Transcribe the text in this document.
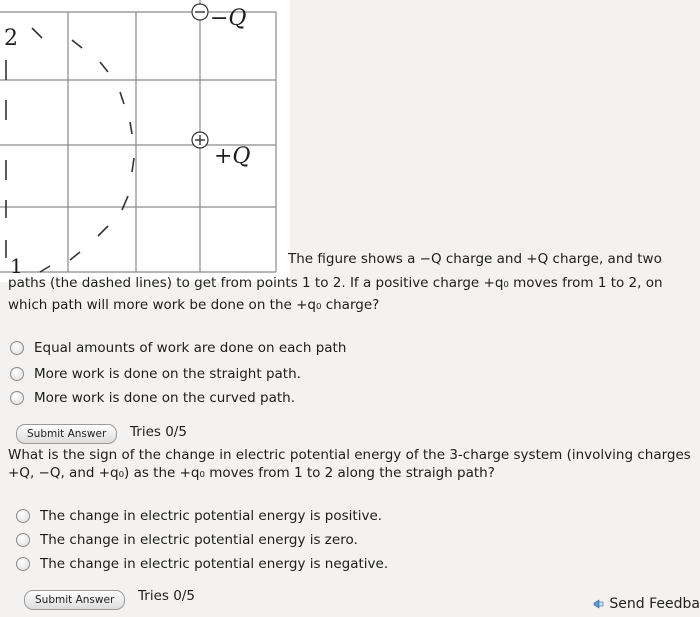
2
1
−Q
+Q
The figure shows a −Q charge and +Q charge, and two
paths (the dashed lines) to get from points 1 to 2. If a positive charge +q₀ moves from 1 to 2, on
which path will more work be done on the +q₀ charge?
Equal amounts of work are done on each path
More work is done on the straight path.
More work is done on the curved path.
Submit Answer	Tries 0/5
What is the sign of the change in electric potential energy of the 3-charge system (involving charges
+Q, −Q, and +q₀) as the +q₀ moves from 1 to 2 along the straigh path?
The change in electric potential energy is positive.
The change in electric potential energy is zero.
The change in electric potential energy is negative.
Submit Answer	Tries 0/5	Send Feedba
